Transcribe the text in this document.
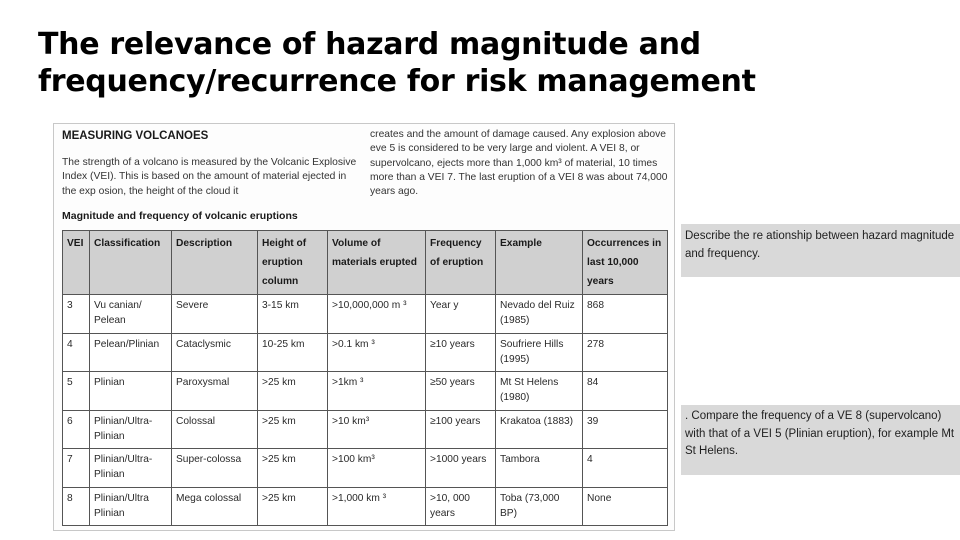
The relevance of hazard magnitude and
frequency/recurrence for risk management
MEASURING VOLCANOES
The strength of a volcano is measured by the Volcanic Explosive Index (VEI). This is based on the amount of material ejected in the exp osion, the height of the cloud it
creates and the amount of damage caused. Any explosion above eve 5 is considered to be very large and violent. A VEI 8, or supervolcano, ejects more than 1,000 km³ of material, 10 times more than a VEI 7. The last eruption of a VEI 8 was about 74,000 years ago.
Magnitude and frequency of volcanic eruptions
VEI	Classification	Description	Height of eruption column	Volume of materials erupted	Frequency of eruption	Example	Occurrences in last 10,000 years
3	Vu canian/ Pelean	Severe	3-15 km	>10,000,000 m ³	Year y	Nevado del Ruiz (1985)	868
4	Pelean/Plinian	Cataclysmic	10-25 km	>0.1 km ³	≥10 years	Soufriere Hills (1995)	278
5	Plinian	Paroxysmal	>25 km	>1km ³	≥50 years	Mt St Helens (1980)	84
6	Plinian/Ultra-Plinian	Colossal	>25 km	>10 km³	≥100 years	Krakatoa (1883)	39
7	Plinian/Ultra-Plinian	Super-colossa	>25 km	>100 km³	>1000 years	Tambora	4
8	Plinian/Ultra Plinian	Mega colossal	>25 km	>1,000 km ³	>10, 000 years	Toba (73,000 BP)	None
Describe the re ationship between hazard magnitude and frequency.
. Compare the frequency of a VE 8 (supervolcano) with that of a VEI 5 (Plinian eruption), for example Mt St Helens.
